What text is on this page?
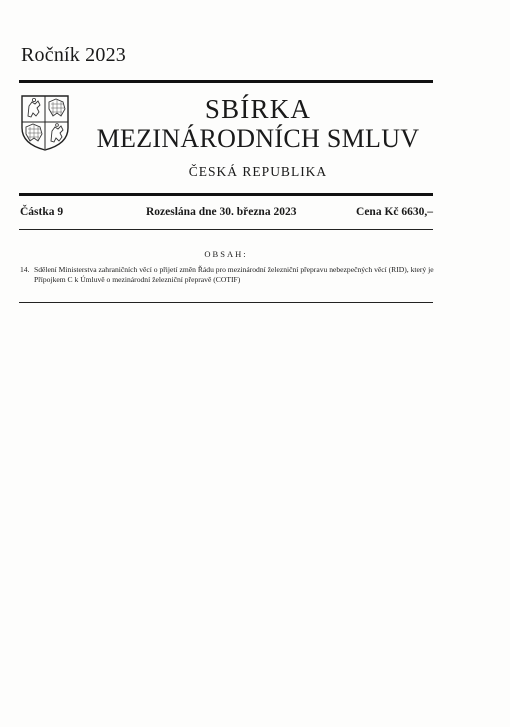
Ročník 2023
SBÍRKA
MEZINÁRODNÍCH SMLUV
ČESKÁ REPUBLIKA
Částka 9	Rozeslána dne 30. března 2023	Cena Kč 6630,–
OBSAH:
14. Sdělení Ministerstva zahraničních věcí o přijetí změn Řádu pro mezinárodní železniční přepravu nebezpečných věcí (RID), který je Přípojkem C k Úmluvě o mezinárodní železniční přepravě (COTIF)
